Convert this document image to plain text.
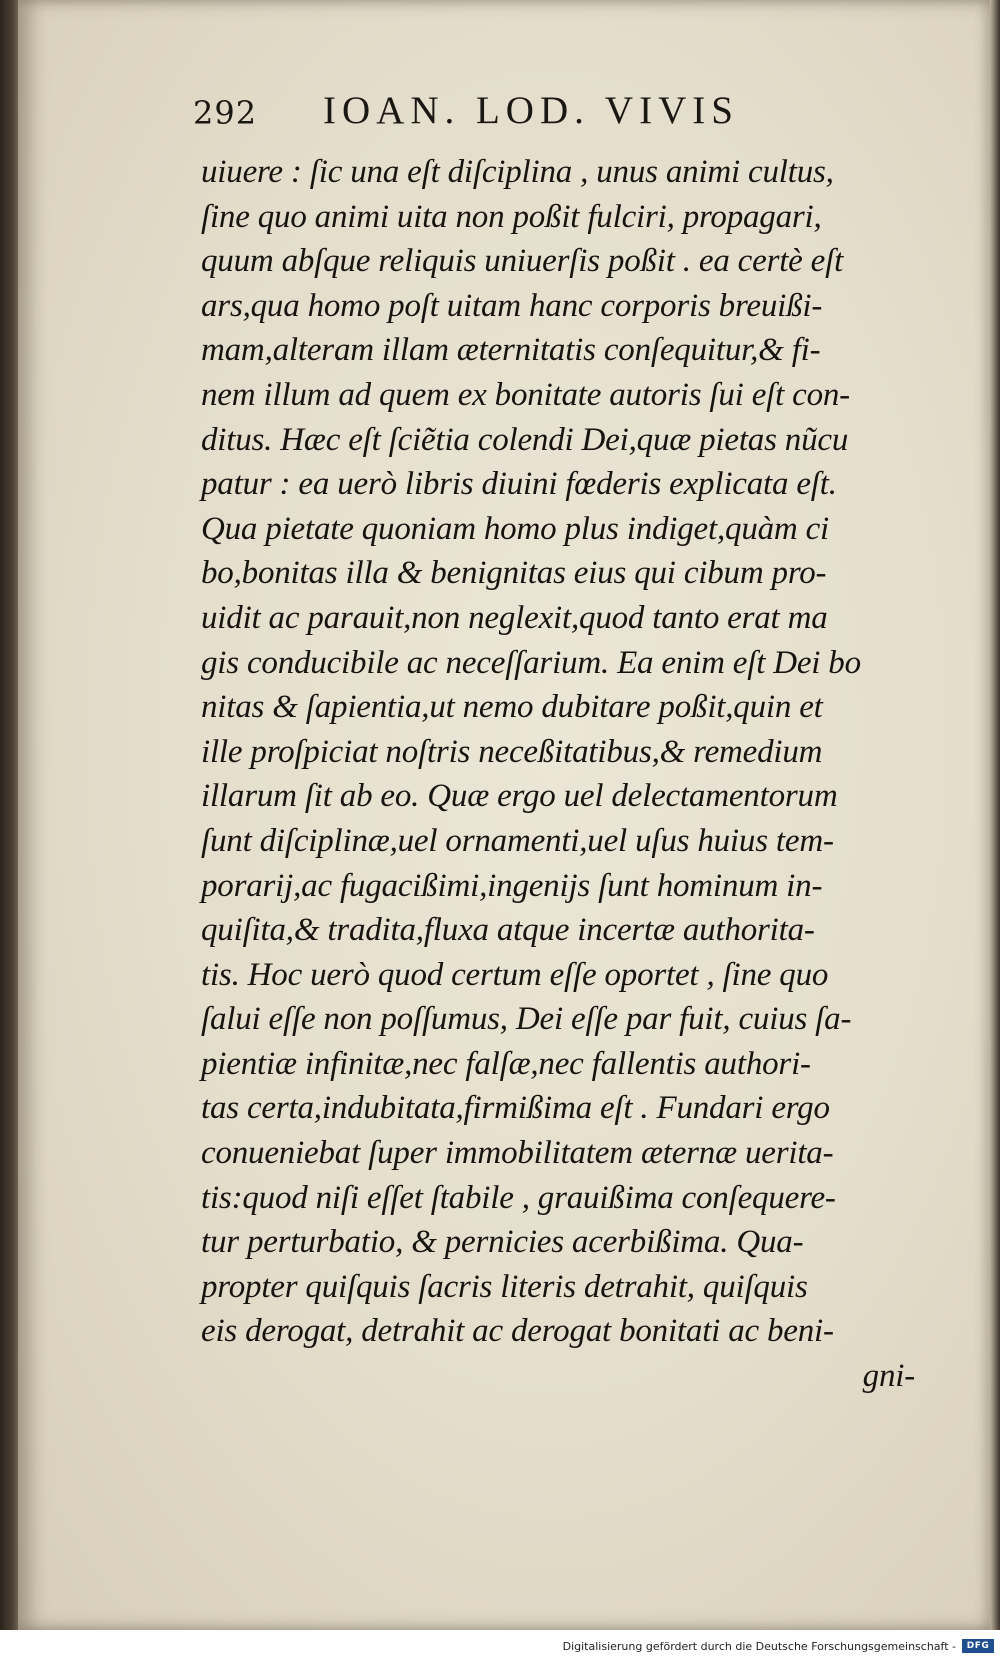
292 IOAN. LOD. VIVIS
uiuere : ſic una eſt diſciplina , unus animi cultus,
ſine quo animi uita non poßit fulciri, propagari,
quum abſque reliquis uniuerſis poßit . ea certè eſt
ars,qua homo poſt uitam hanc corporis breuißi-
mam,alteram illam æternitatis conſequitur,& fi-
nem illum ad quem ex bonitate autoris ſui eſt con-
ditus. Hæc eſt ſciẽtia colendi Dei,quæ pietas nũcu
patur : ea uerò libris diuini fœderis explicata eſt.
Qua pietate quoniam homo plus indiget,quàm ci
bo,bonitas illa & benignitas eius qui cibum pro-
uidit ac parauit,non neglexit,quod tanto erat ma
gis conducibile ac neceſſarium. Ea enim eſt Dei bo
nitas & ſapientia,ut nemo dubitare poßit,quin et
ille proſpiciat noſtris neceßitatibus,& remedium
illarum ſit ab eo. Quæ ergo uel delectamentorum
ſunt diſciplinæ,uel ornamenti,uel uſus huius tem-
porarij,ac fugacißimi,ingenijs ſunt hominum in-
quiſita,& tradita,fluxa atque incertæ authorita-
tis. Hoc uerò quod certum eſſe oportet , ſine quo
ſalui eſſe non poſſumus, Dei eſſe par fuit, cuius ſa-
pientiæ infinitæ,nec falſæ,nec fallentis authori-
tas certa,indubitata,firmißima eſt . Fundari ergo
conueniebat ſuper immobilitatem æternæ uerita-
tis:quod niſi eſſet ſtabile , grauißima conſequere-
tur perturbatio, & pernicies acerbißima. Qua-
propter quiſquis ſacris literis detrahit, quiſquis
eis derogat, detrahit ac derogat bonitati ac beni-
gni-
Digitalisierung gefördert durch die Deutsche Forschungsgemeinschaft -	DFG
